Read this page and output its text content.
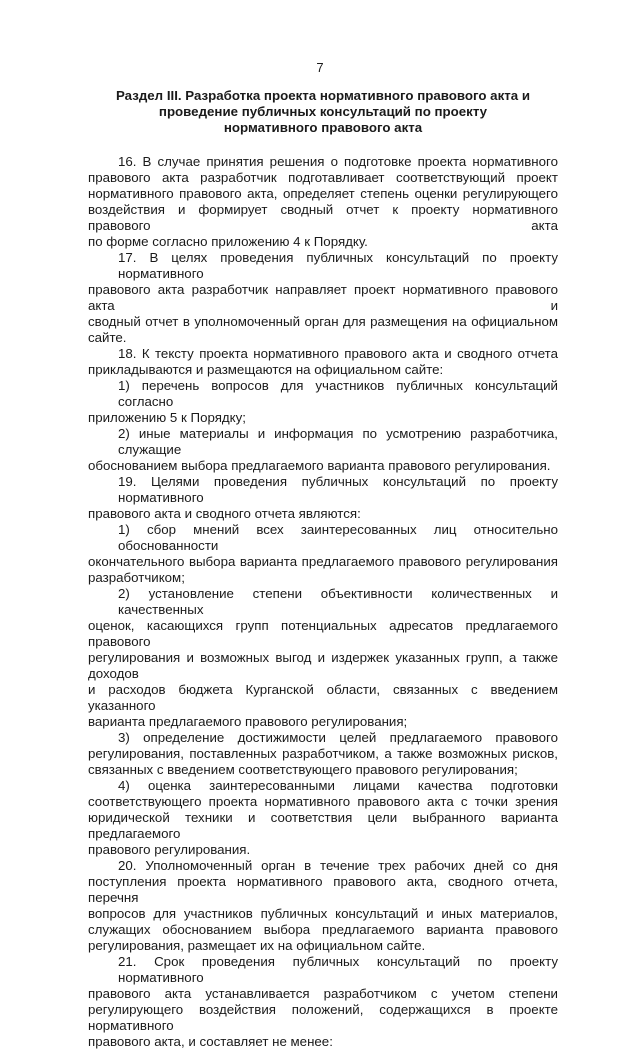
7
Раздел III. Разработка проекта нормативного правового акта и
проведение публичных консультаций по проекту
нормативного правового акта
16. В случае принятия решения о подготовке проекта нормативного
правового акта разработчик подготавливает соответствующий проект
нормативного правового акта, определяет степень оценки регулирующего
воздействия и формирует сводный отчет к проекту нормативного правового акта
по форме согласно приложению 4 к Порядку.
17. В целях проведения публичных консультаций по проекту нормативного
правового акта разработчик направляет проект нормативного правового акта и
сводный отчет в уполномоченный орган для размещения на официальном
сайте.
18. К тексту проекта нормативного правового акта и сводного отчета
прикладываются и размещаются на официальном сайте:
1) перечень вопросов для участников публичных консультаций согласно
приложению 5 к Порядку;
2) иные материалы и информация по усмотрению разработчика, служащие
обоснованием выбора предлагаемого варианта правового регулирования.
19. Целями проведения публичных консультаций по проекту нормативного
правового акта и сводного отчета являются:
1) сбор мнений всех заинтересованных лиц относительно обоснованности
окончательного выбора варианта предлагаемого правового регулирования
разработчиком;
2) установление степени объективности количественных и качественных
оценок, касающихся групп потенциальных адресатов предлагаемого правового
регулирования и возможных выгод и издержек указанных групп, а также доходов
и расходов бюджета Курганской области, связанных с введением указанного
варианта предлагаемого правового регулирования;
3) определение достижимости целей предлагаемого правового
регулирования, поставленных разработчиком, а также возможных рисков,
связанных с введением соответствующего правового регулирования;
4) оценка заинтересованными лицами качества подготовки
соответствующего проекта нормативного правового акта с точки зрения
юридической техники и соответствия цели выбранного варианта предлагаемого
правового регулирования.
20. Уполномоченный орган в течение трех рабочих дней со дня
поступления проекта нормативного правового акта, сводного отчета, перечня
вопросов для участников публичных консультаций и иных материалов,
служащих обоснованием выбора предлагаемого варианта правового
регулирования, размещает их на официальном сайте.
21. Срок проведения публичных консультаций по проекту нормативного
правового акта устанавливается разработчиком с учетом степени
регулирующего воздействия положений, содержащихся в проекте нормативного
правового акта, и составляет не менее:
